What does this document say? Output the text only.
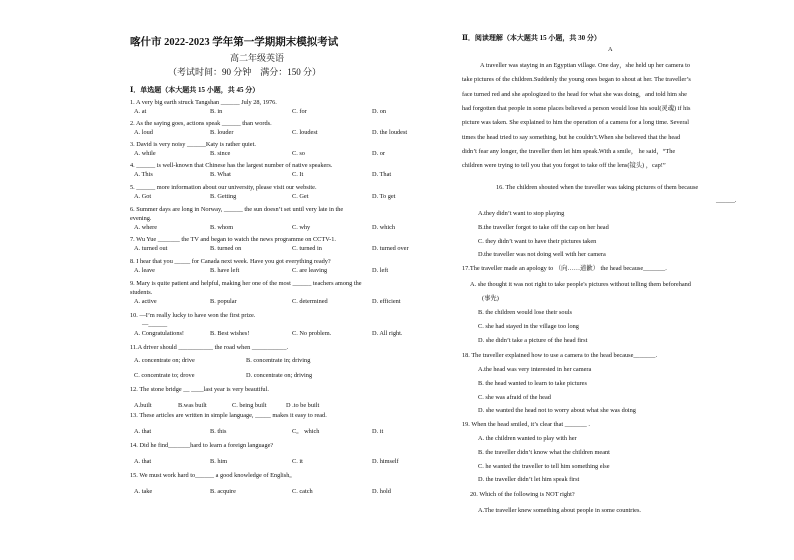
喀什市 2022-2023 学年第一学期期末模拟考试
高二年级英语
（考试时间：90 分钟　满分：150 分）
Ⅰ．单选题（本大题共 15 小题，共 45 分）
1. A very big earth struck Tangshan ______ July 28, 1976.
A. at	B. in	C. for	D. on
2. As the saying goes, actions speak ______ than words.
A. loud	B. louder	C. loudest	D. the loudest
3. David is very noisy ______Katy is rather quiet.
A. while	B. since	C. so	D. or
4. ______ is well-known that Chinese has the largest number of native speakers.
A. This	B. What	C. It	D. That
5. ______ more information about our university, please visit our website.
A. Got	B. Getting	C. Get	D. To get
6. Summer days are long in Norway, ______ the sun doesn’t set until very late in the
evening.
A. where	B. whom	C. why	D. which
7. Wu Yue _______ the TV and began to watch the news programme on CCTV-1.
A. turned out	B. turned on	C. turned in	D. turned over
8. I hear that you _____ for Canada next week. Have you got everything ready?
A. leave	B. have left	C. are leaving	D. left
9. Mary is quite patient and helpful, making her one of the most ______ teachers among the
students.
A. active	B. popular	C. determined	D. efficient
10. —I’m really lucky to have won the first prize.
—______
A. Congratulations!	B. Best wishes!	C. No problem.	D. All right.
11.A driver should ___________ the road when ___________.
A. concentrate on; drive	B. concentrate in; driving
C. concentrate to; drove	D. concentrate on; driving
12. The stone bridge __ ____last year is very beautiful.
A.built	B.was built	C. being built	D .to be built
13. These articles are written in simple language, _____ makes it easy to read.
A. that	B. this	C。 which	D. it
14. Did he find_______hard to learn a foreign language?
A. that	B. him	C. it	D. himself
15. We must work hard to______ a good knowledge of English。
A. take	B. acquire	C. catch	D. hold
Ⅱ．阅读理解（本大题共 15 小题，共 30 分）
A
A traveller was staying in an Egyptian village. One day，she held up her camera to
take pictures of the children.Suddenly the young ones began to shout at her. The traveller’s
face turned red and she apologized to the head for what she was doing，and told him she
had forgotten that people in some places believed a person would lose his soul(灵魂) if his
picture was taken. She explained to him the operation of a camera for a long time. Several
times the head tried to say something, but he couldn’t.When she believed that the head
didn’t fear any longer, the traveller then let him speak.With a smile， he said，“The
children were trying to tell you that you forgot to take off the lens(镜头) ，cap!”
16. The children shouted when the traveller was taking pictures of them because
______.
A.they didn’t want to stop playing
B.the traveller forgot to take off the cap on her head
C. they didn’t want to have their pictures taken
D.the traveller was not doing well with her camera
17.The traveller made an apology to （向……道歉） the head because_______.
A. she thought it was not right to take people's pictures without telling them beforehand
(事先)
B. the children would lose their souls
C. she had stayed in the village too long
D. she didn’t take a picture of the head first
18. The traveller explained how to use a camera to the head because_______.
A.the head was very interested in her camera
B. the head wanted to learn to take pictures
C. she was afraid of the head
D. she wanted the head not to worry about what she was doing
19. When the head smiled, it’s clear that _______ .
A. the children wanted to play with her
B. the traveller didn’t know what the children meant
C. he wanted the traveller to tell him something else
D. the traveller didn’t let him speak first
20. Which of the following is NOT right?
A.The traveller knew something about people in some countries.
